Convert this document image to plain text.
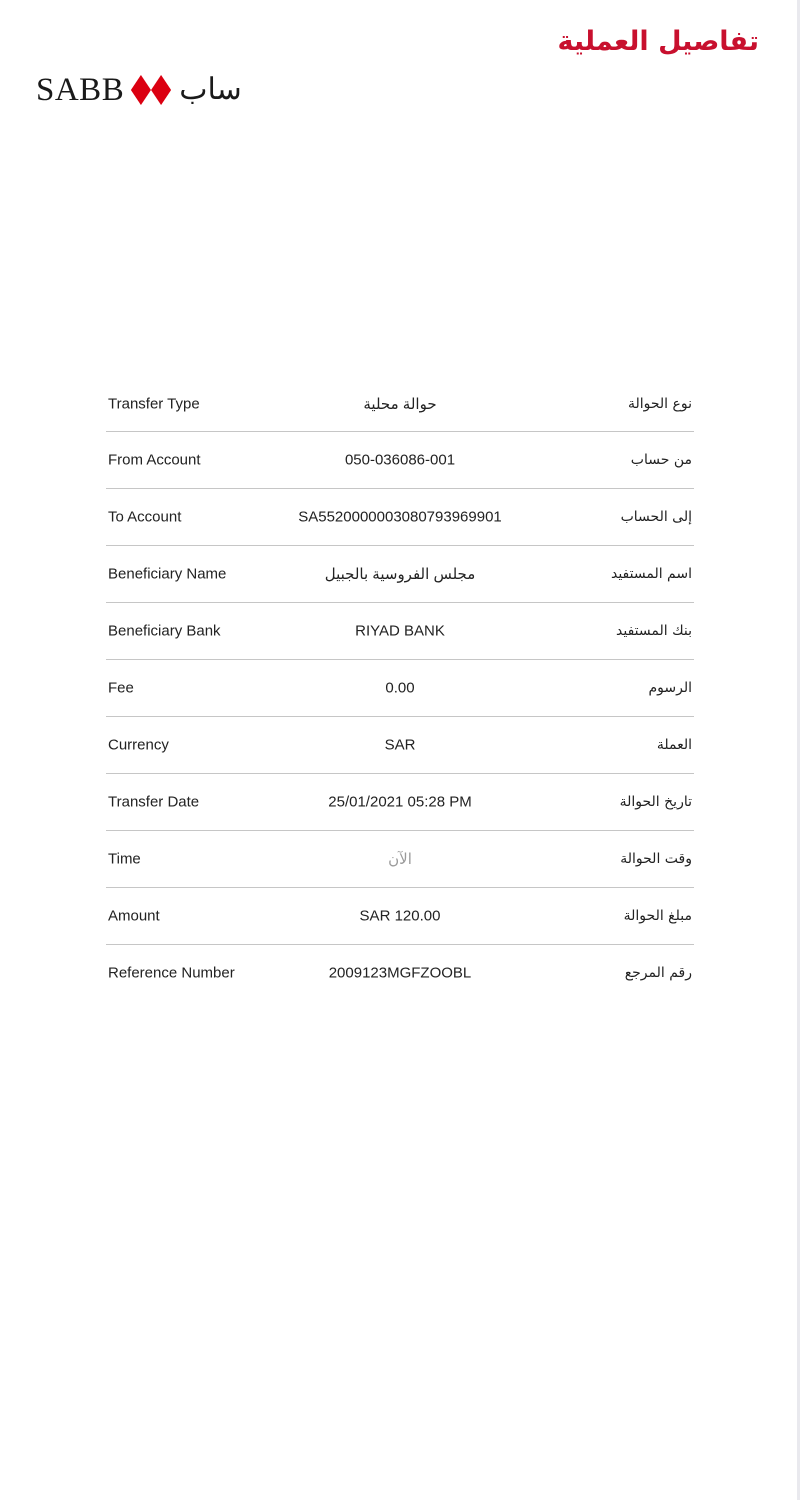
تفاصيل العملية
SABB ساب
Transfer Type	حوالة محلية	نوع الحوالة
From Account	050-036086-001	من حساب
To Account	SA5520000003080793969901	إلى الحساب
Beneficiary Name	مجلس الفروسية بالجبيل	اسم المستفيد
Beneficiary Bank	RIYAD BANK	بنك المستفيد
Fee	0.00	الرسوم
Currency	SAR	العملة
Transfer Date	25/01/2021 05:28 PM	تاريخ الحوالة
Time	الآن	وقت الحوالة
Amount	SAR 120.00	مبلغ الحوالة
Reference Number	2009123MGFZOOBL	رقم المرجع
